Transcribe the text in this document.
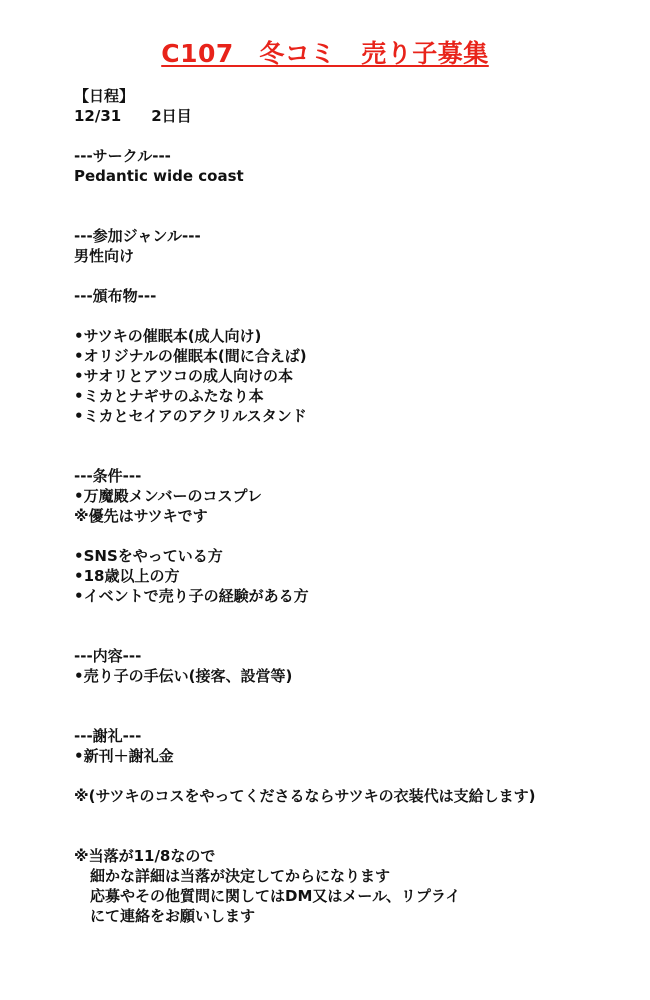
C107　冬コミ　売り子募集
【日程】
12/31　　2日目
---サークル---
Pedantic wide coast
---参加ジャンル---
男性向け
---頒布物---
•サツキの催眠本(成人向け)
•オリジナルの催眠本(間に合えば)
•サオリとアツコの成人向けの本
•ミカとナギサのふたなり本
•ミカとセイアのアクリルスタンド
---条件---
•万魔殿メンバーのコスプレ
※優先はサツキです
•SNSをやっている方
•18歳以上の方
•イベントで売り子の経験がある方
---内容---
•売り子の手伝い(接客、設営等)
---謝礼---
•新刊＋謝礼金
※(サツキのコスをやってくださるならサツキの衣装代は支給します)
※当落が11/8なので
細かな詳細は当落が決定してからになります
応募やその他質問に関してはDM又はメール、リプライ
にて連絡をお願いします
